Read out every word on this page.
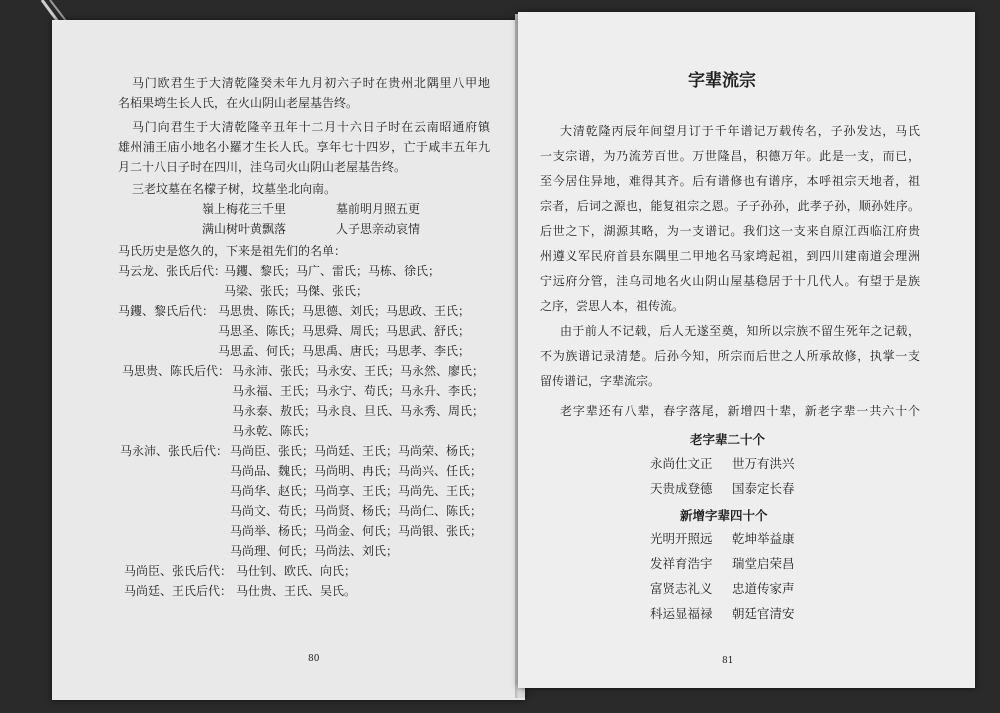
马门欧君生于大清乾隆癸未年九月初六子时在贵州北隅里八甲地
名栢果塆生长人氏，在火山阴山老屋基告终。
马门向君生于大清乾隆辛丑年十二月十六日子时在云南昭通府镇
雄州浦王庙小地名小羅才生长人氏。享年七十四岁，亡于咸丰五年九
月二十八日子时在四川，洼乌司火山阴山老屋基告终。
三老坟墓在名檬子树，坟墓坐北向南。
嶺上梅花三千里	墓前明月照五更
满山树叶黄飘落	人子思亲动哀情
马氏历史是悠久的，下来是祖先们的名单：
马云龙、张氏后代：
马钁、黎氏；马广、雷氏；马栋、徐氏；
马梁、张氏；马傑、张氏；
马钁、黎氏后代： 马思贵、陈氏；马思德、刘氏；马思政、王氏；
马思圣、陈氏；马思舜、周氏；马思武、舒氏；
马思孟、何氏；马思禹、唐氏；马思孝、李氏；
马思贵、陈氏后代： 马永沛、张氏；马永安、王氏；马永然、廖氏；
马永福、王氏；马永宁、苟氏；马永升、李氏；
马永泰、敖氏；马永良、旦氏、马永秀、周氏；
马永乾、陈氏；
马永沛、张氏后代： 马尚臣、张氏；马尚廷、王氏；马尚荣、杨氏；
马尚品、魏氏；马尚明、冉氏；马尚兴、任氏；
马尚华、赵氏；马尚享、王氏；马尚先、王氏；
马尚文、苟氏；马尚贤、杨氏；马尚仁、陈氏；
马尚举、杨氏；马尚金、何氏；马尚银、张氏；
马尚理、何氏；马尚法、刘氏；
马尚臣、张氏后代： 马仕钊、欧氏、向氏；
马尚廷、王氏后代： 马仕贵、王氏、吴氏。
80
字辈流宗
大清乾隆丙辰年间望月订于千年谱记万载传名，子孙发达，马氏
一支宗谱，为乃流芳百世。万世隆昌，积德万年。此是一支，而已，
至今居住异地，难得其齐。后有谱修也有谱序，本呼祖宗天地者，祖
宗者，后词之源也，能复祖宗之恩。子子孙孙，此孝子孙，顺孙姓序。
后世之下，湖源其略，为一支谱记。我们这一支来自原江西临江府贵
州遵义军民府首县东隅里二甲地名马家塆起祖，到四川建南道会理洲
宁远府分管，洼乌司地名火山阴山屋基稳居于十几代人。有望于是族
之序，尝思人本，祖传流。
由于前人不记载，后人无遂至奠，知所以宗族不留生死年之记载，
不为族谱记录清楚。后孙今知，所宗而后世之人所承故修，执掌一支
留传谱记，字辈流宗。
老字辈还有八辈，春字落尾，新增四十辈，新老字辈一共六十个
老字辈二十个
永尚仕文正 世万有洪兴
天贵成登德 国泰定长春
新增字辈四十个
光明开照远 乾坤举益康
发祥育浩宇 瑞堂启荣昌
富贤志礼义 忠道传家声
科运显福禄 朝廷官清安
81
